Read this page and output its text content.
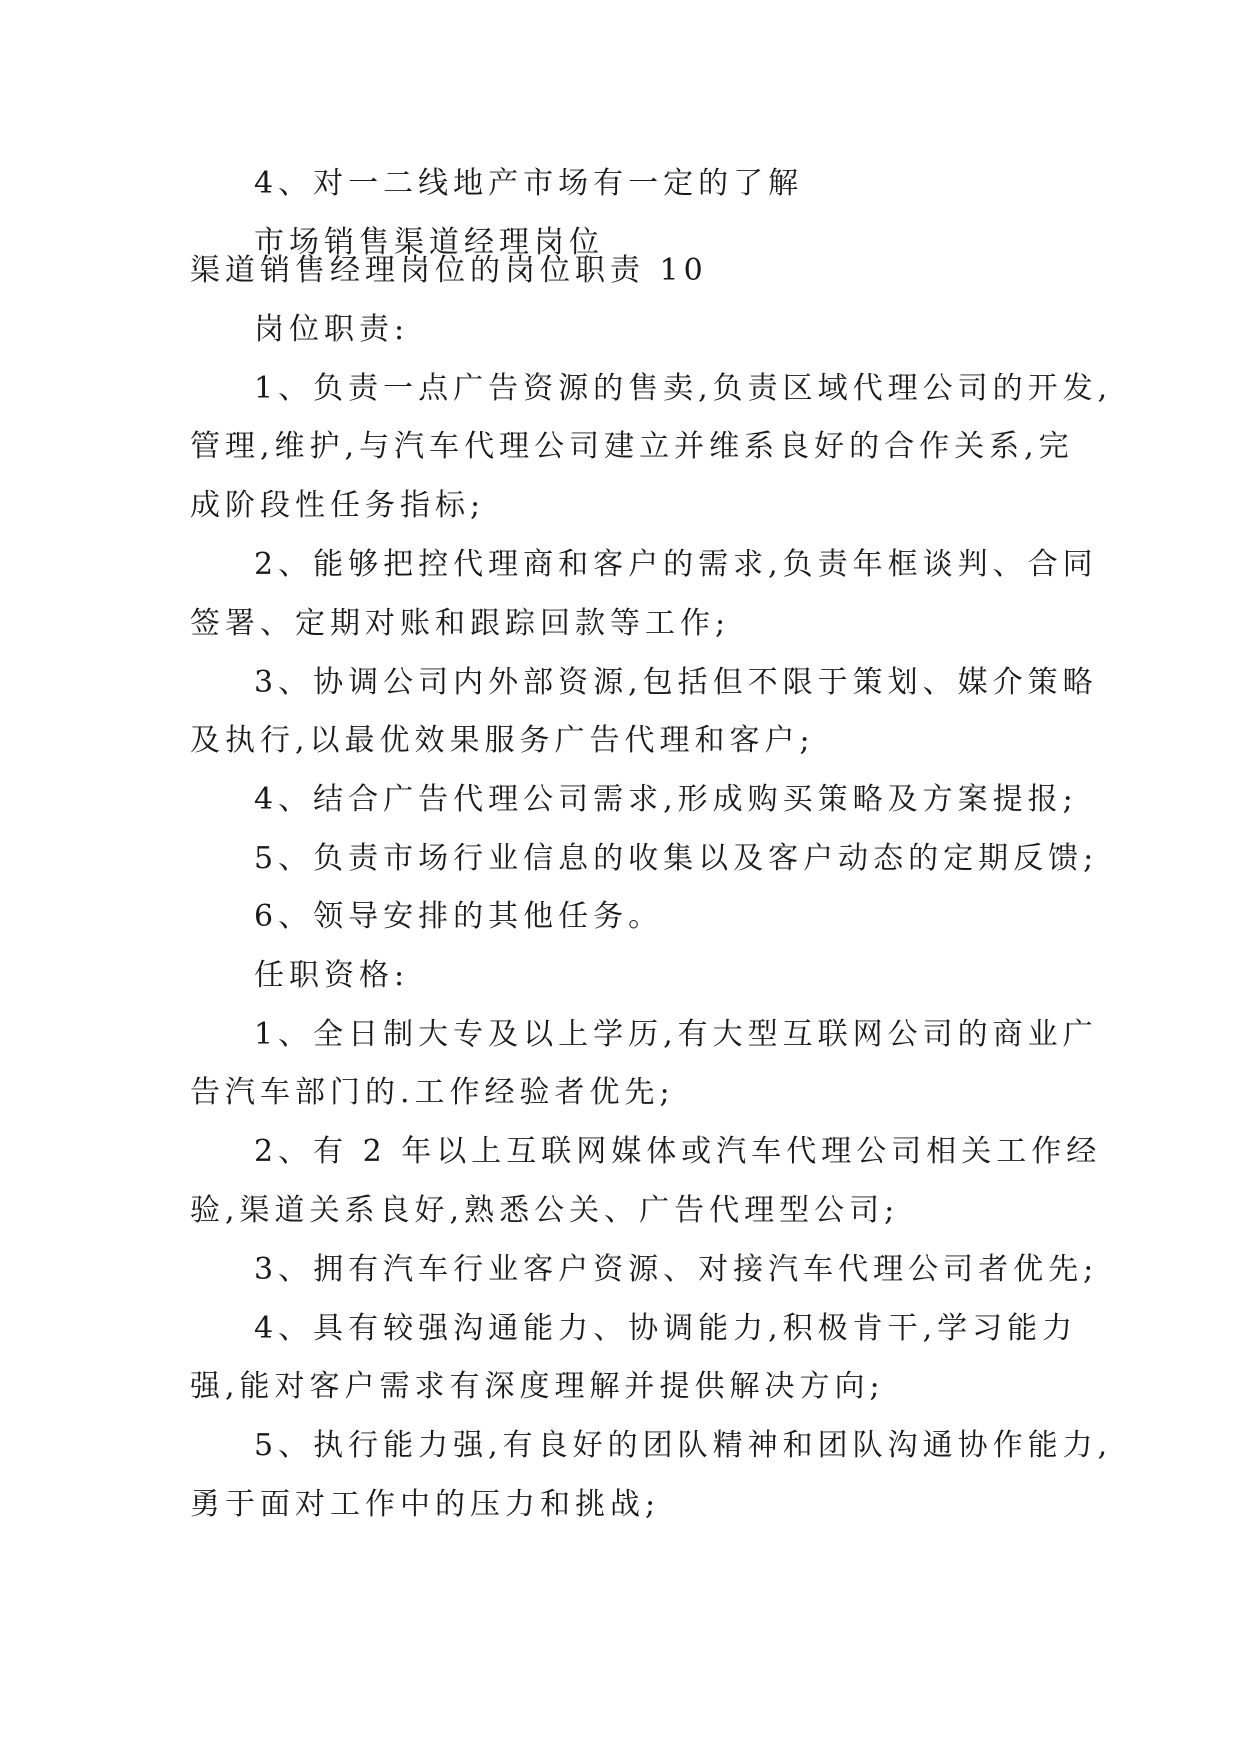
4、对一二线地产市场有一定的了解
市场销售渠道经理岗位
渠道销售经理岗位的岗位职责 10
岗位职责:
1、负责一点广告资源的售卖,负责区域代理公司的开发,
管理,维护,与汽车代理公司建立并维系良好的合作关系,完
成阶段性任务指标;
2、能够把控代理商和客户的需求,负责年框谈判、合同
签署、定期对账和跟踪回款等工作;
3、协调公司内外部资源,包括但不限于策划、媒介策略
及执行,以最优效果服务广告代理和客户;
4、结合广告代理公司需求,形成购买策略及方案提报;
5、负责市场行业信息的收集以及客户动态的定期反馈;
6、领导安排的其他任务。
任职资格:
1、全日制大专及以上学历,有大型互联网公司的商业广
告汽车部门的.工作经验者优先;
2、有 2 年以上互联网媒体或汽车代理公司相关工作经
验,渠道关系良好,熟悉公关、广告代理型公司;
3、拥有汽车行业客户资源、对接汽车代理公司者优先;
4、具有较强沟通能力、协调能力,积极肯干,学习能力
强,能对客户需求有深度理解并提供解决方向;
5、执行能力强,有良好的团队精神和团队沟通协作能力,
勇于面对工作中的压力和挑战;
